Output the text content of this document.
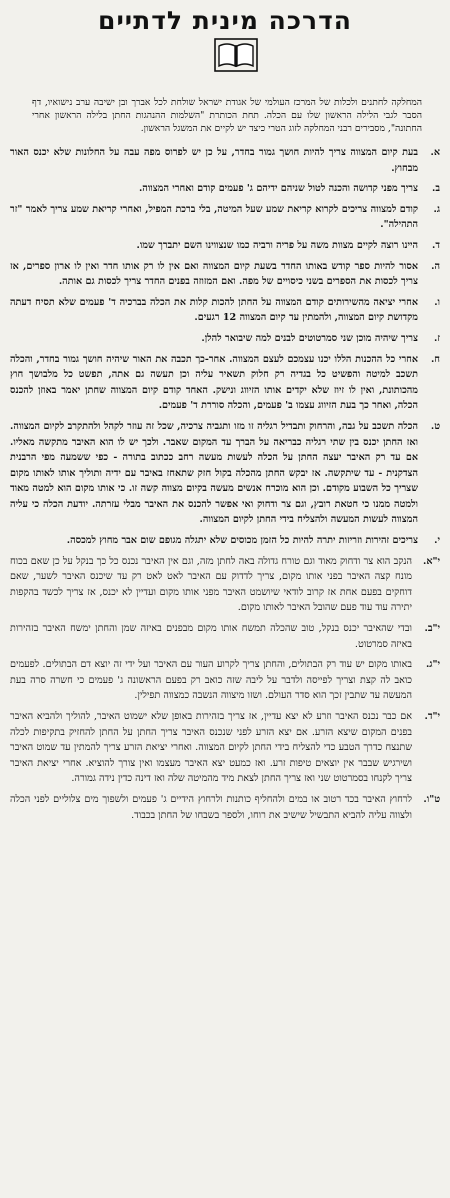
הדרכה מינית לדתיים
המחלקה לחתנים ולכלות של המרכז העולמי של אגודת ישראל שולחת לכל אברך ובן ישיבה ערב נישואיו, דף הסבר לגבי הלילה הראשון שלו עם הכלה. תחת הכותרת "השלמות ההנהגות החתן בלילה הראשון אחרי החתונה", מסבירים רבני המחלקה לזוג הטרי כיצד יש לקיים את המשגל הראשון.
א.
בעת קיום המצווה צריך להיות חושך גמור בחדר, על כן יש לפרוס מפה עבה על החלונות שלא יכנס האור מבחוץ.
ב.
צריך מפני קדושה והכנה לטול שניהם ידיהם ג' פעמים קודם ואחרי המצווה.
ג.
קודם למצווה צריכים לקרוא קריאת שמע שעל המיטה, בלי ברכת המפיל, ואחרי קריאת שמע צריך לאמר "זר התהילה".
ד.
היינו רוצה לקיים מצוות משה על פריה ורביה כמו שנצווינו השם יתברך שמו.
ה.
אסור להיות ספר קודש באותו החדר בשעת קיום המצווה ואם אין לו רק אותו חדר ואין לו ארון ספרים, אז צריך לכסות את הספרים בשני כיסויים של מפה. ואם המזוזה בפנים החדר צריך לכסות גם אותה.
ו.
אחרי יציאה מהשירותים קודם המצווה על החתן להכות קלות את הכלה בברכיה ד' פעמים שלא תסיח דעתה מקדושת קיום המצווה, ולהמתין עד קיום המצווה 12 רגעים.
ז.
צריך שיהיה מוכן שני סמרטוטים לבנים למה שיבואר להלן.
ח.
אחרי כל ההכנות הללו יכנו עצמכם לעצם המצווה. אחר-כך תכבה את האור שיהיה חושך גמור בחדר, והכלה תשכב למיטה והפשיט כל בגדיה רק חלוק תשאיר עליה וכן תעשה גם אתה, תפשט כל מלבושך חוץ מהכותונת, ואין לו זיוז שלא יקדים אותו הזיווג ונישק. האחד קודם קיום המצווה שחתן יאמר באוזן להכנס הכלה, ואחר כך בעת הזיווג עצמו ב' פעמים, והכלה סוררת ד' פעמים.
ט.
הכלה תשכב על גבה, והרחוק ותבדיל רגליה זו מזו ותגביה צרכיה, שכל זה עוזר לקהל ולהתקרב לקיום המצווה. ואז החתן יכנס בין שתי רגליה כבריאה על הברך עד המקום שאבר. ולכך יש לו הוא האיבר מתקשה מאליו. אם עד רק האיבר יעצה החתן על הכלה לעשות מעשה רחב ככתוב בתורה - כפי ששמעה מפי הרבנית הצדקנית - עד שיתקשה. אז יבקש החתן מהכלה בקול חזק שתאחז באיבר עם ידיה ותוליך אותו לאותו מקום שצריך כל השבוע מקודם. וכן הוא מוכרח אנשים מעשה בקיום מצווה קשה זו. כי אותו מקום הוא למטה מאוד ולמטה ממנו כי חטאת רובץ, וגם צר ודחוק ואי אפשר להכנס את האיבר מבלי עזרתה. יודעת הכלה כי עליה המצווה לעשות המעשה ולהצליח בידי החתן לקיום המצווה.
י.
צריכים זהירות וזריזות יתרה להיות כל הזמן מכוסים שלא יתגלה מגופם שום אבר מחוץ למכסה.
י"א.
הנקב הוא צר ודחוק מאוד וגם טורח גדולה באה לחתן מזה, וגם אין האיבר נכנס כל כך בנקל על כן שאם בכוח מונח קצה האיבר בפני אותו מקום, צריך לדדוק עם האיבר לאט לאט רק עד שיכנס האיבר לשער, שאם דוחקים בפעם אחת אז קרוב לודאי שיושמט האיבר מפני אותו מקום ועדיין לא יכנס, אז צריך לכשד בהקפות יתירה עוד עוד פעם שהובל האיבר לאותו מקום.
י"ב.
ובדי שהאיבר יכנס בנקל, טוב שהכלה תמשח אותו מקום מבפנים באיזה שמן והחתן ימשח האיבר בזהירות באיזה סמרטוט.
י"ג.
באותו מקום יש עוד רק הבתולים, והחתן צריך לקרוע העור עם האיבר ועל ידי זה יוצא דם הבתולים. לפעמים כואב לה קצת וצריך לפייסה ולדבר על ליבה שזה כואב רק בפעם הראשונה ג' פעמים כי חשרה סרה בעת המעשה עד שתבין זכך הוא סדר העולם. ושזו מיצווה הנשבה כמצווה תפילין.
י"ד.
אם כבר נכנס האיבר וזרע לא יצא עדיין, אז צריך בזהירות באופן שלא ישמוט האיבר, להוליך ולהביא האיבר בפנים המקום שיצא הזרע. אם יצא הזרע לפני שנכנס האיבר צריך החתן על החתן להחזיק בתקיפות לכלה שתנצח כדרך הטבע כדי להצליח בידי החתן לקיום המצווה. ואחרי יציאת הזרע צריך להמתין עד שמוט האיבר ושירגיש שבבר אין יוצאים טיפות זרע. ואז כמעט יצא האיבר מעצמו ואין צורך להוציא. אחרי יציאת האיבר צריך לקנחו בסמרטוט שני ואז צריך החתן לצאת מיד מהמיטה שלה ואז דינה כדין נידה גמורה.
ט"ו.
לרחוץ האיבר בכד רטוב או במים ולהחליף כותנות ולרחוץ הידיים ג' פעמים ולשפוך מים צלוליים לפני הכלה ולצווה עליה להביא התבשיל שישיב את רוחו, ולספר בשבחו של החתן בכבוד.
